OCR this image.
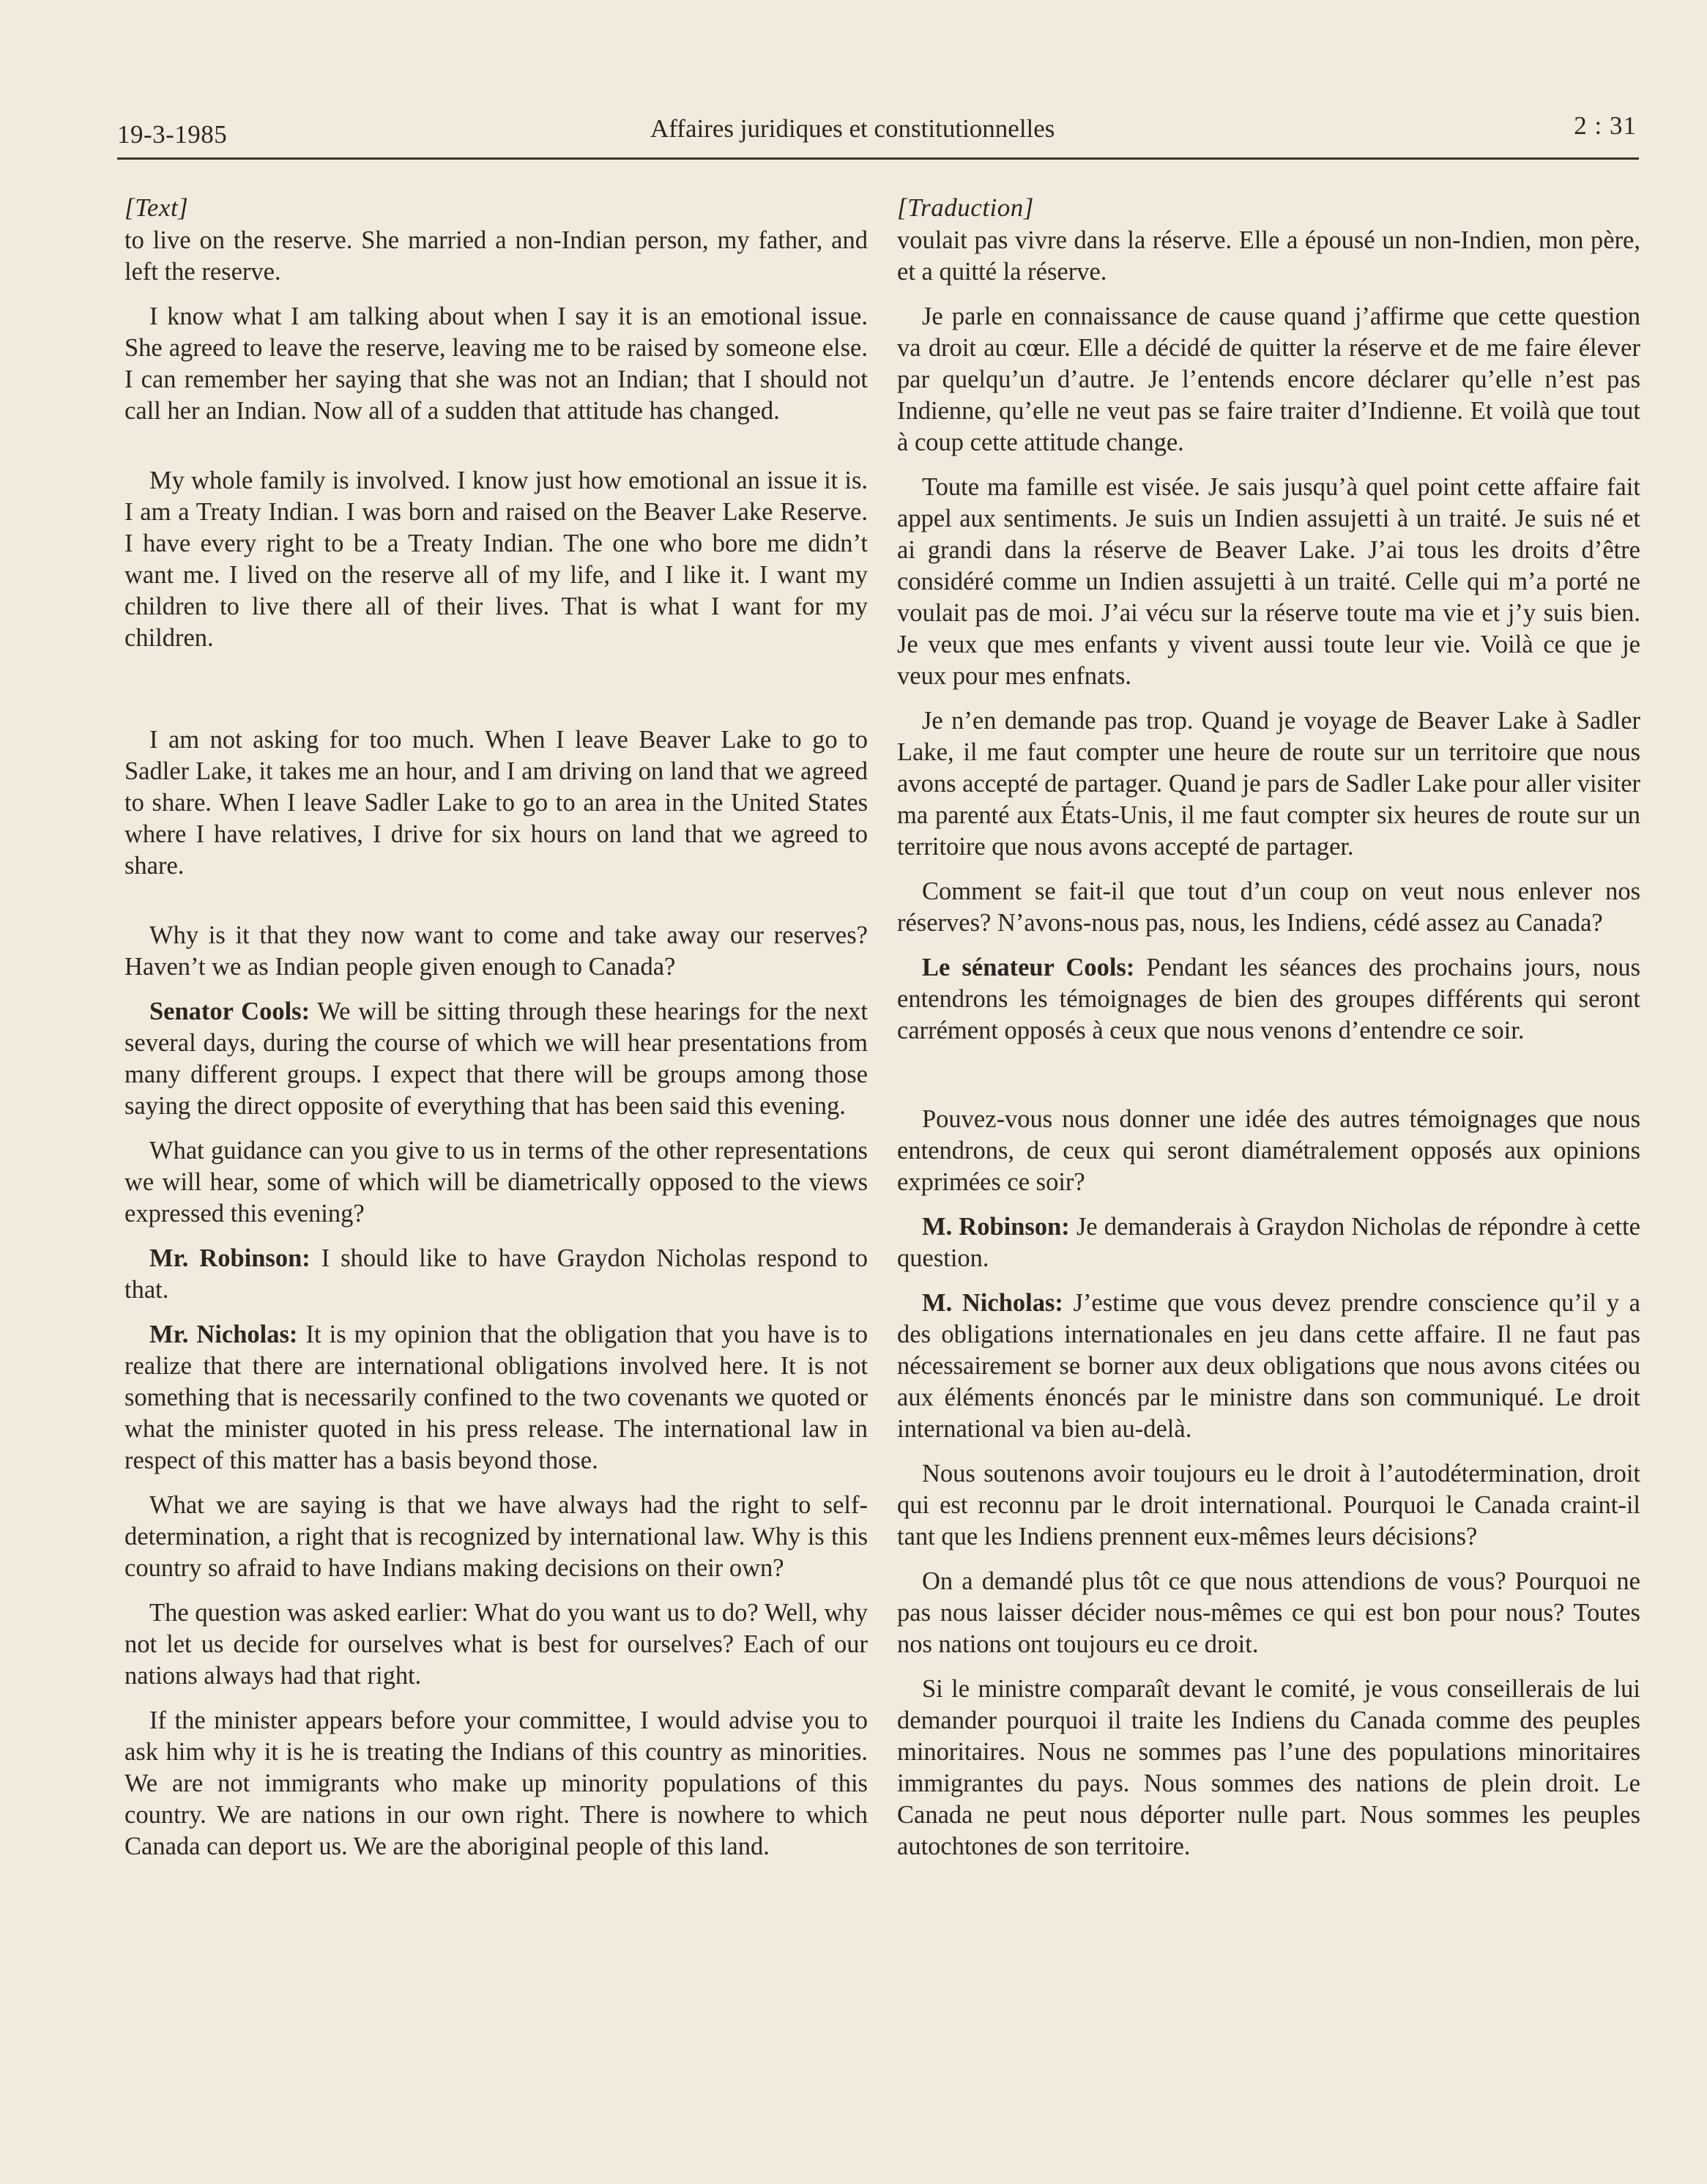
19-3-1985	Affaires juridiques et constitutionnelles	2 : 31
[Text]

to live on the reserve. She married a non-Indian person, my father, and left the reserve.

I know what I am talking about when I say it is an emotional issue. She agreed to leave the reserve, leaving me to be raised by someone else. I can remember her saying that she was not an Indian; that I should not call her an Indian. Now all of a sudden that attitude has changed.

My whole family is involved. I know just how emotional an issue it is. I am a Treaty Indian. I was born and raised on the Beaver Lake Reserve. I have every right to be a Treaty Indian. The one who bore me didn’t want me. I lived on the reserve all of my life, and I like it. I want my children to live there all of their lives. That is what I want for my children.

I am not asking for too much. When I leave Beaver Lake to go to Sadler Lake, it takes me an hour, and I am driving on land that we agreed to share. When I leave Sadler Lake to go to an area in the United States where I have relatives, I drive for six hours on land that we agreed to share.

Why is it that they now want to come and take away our reserves? Haven’t we as Indian people given enough to Canada?

Senator Cools: We will be sitting through these hearings for the next several days, during the course of which we will hear presentations from many different groups. I expect that there will be groups among those saying the direct opposite of everything that has been said this evening.

What guidance can you give to us in terms of the other representations we will hear, some of which will be diametrically opposed to the views expressed this evening?

Mr. Robinson: I should like to have Graydon Nicholas respond to that.

Mr. Nicholas: It is my opinion that the obligation that you have is to realize that there are international obligations involved here. It is not something that is necessarily confined to the two covenants we quoted or what the minister quoted in his press release. The international law in respect of this matter has a basis beyond those.

What we are saying is that we have always had the right to self-determination, a right that is recognized by international law. Why is this country so afraid to have Indians making decisions on their own?

The question was asked earlier: What do you want us to do? Well, why not let us decide for ourselves what is best for ourselves? Each of our nations always had that right.

If the minister appears before your committee, I would advise you to ask him why it is he is treating the Indians of this country as minorities. We are not immigrants who make up minority populations of this country. We are nations in our own right. There is nowhere to which Canada can deport us. We are the aboriginal people of this land.

[Traduction]

voulait pas vivre dans la réserve. Elle a épousé un non-Indien, mon père, et a quitté la réserve.

Je parle en connaissance de cause quand j’affirme que cette question va droit au cœur. Elle a décidé de quitter la réserve et de me faire élever par quelqu’un d’autre. Je l’entends encore déclarer qu’elle n’est pas Indienne, qu’elle ne veut pas se faire traiter d’Indienne. Et voilà que tout à coup cette attitude change.

Toute ma famille est visée. Je sais jusqu’à quel point cette affaire fait appel aux sentiments. Je suis un Indien assujetti à un traité. Je suis né et ai grandi dans la réserve de Beaver Lake. J’ai tous les droits d’être considéré comme un Indien assujetti à un traité. Celle qui m’a porté ne voulait pas de moi. J’ai vécu sur la réserve toute ma vie et j’y suis bien. Je veux que mes enfants y vivent aussi toute leur vie. Voilà ce que je veux pour mes enfnats.

Je n’en demande pas trop. Quand je voyage de Beaver Lake à Sadler Lake, il me faut compter une heure de route sur un territoire que nous avons accepté de partager. Quand je pars de Sadler Lake pour aller visiter ma parenté aux États-Unis, il me faut compter six heures de route sur un territoire que nous avons accepté de partager.

Comment se fait-il que tout d’un coup on veut nous enlever nos réserves? N’avons-nous pas, nous, les Indiens, cédé assez au Canada?

Le sénateur Cools: Pendant les séances des prochains jours, nous entendrons les témoignages de bien des groupes différents qui seront carrément opposés à ceux que nous venons d’entendre ce soir.

Pouvez-vous nous donner une idée des autres témoignages que nous entendrons, de ceux qui seront diamétralement opposés aux opinions exprimées ce soir?

M. Robinson: Je demanderais à Graydon Nicholas de répondre à cette question.

M. Nicholas: J’estime que vous devez prendre conscience qu’il y a des obligations internationales en jeu dans cette affaire. Il ne faut pas nécessairement se borner aux deux obligations que nous avons citées ou aux éléments énoncés par le ministre dans son communiqué. Le droit international va bien au-delà.

Nous soutenons avoir toujours eu le droit à l’autodétermination, droit qui est reconnu par le droit international. Pourquoi le Canada craint-il tant que les Indiens prennent eux-mêmes leurs décisions?

On a demandé plus tôt ce que nous attendions de vous? Pourquoi ne pas nous laisser décider nous-mêmes ce qui est bon pour nous? Toutes nos nations ont toujours eu ce droit.

Si le ministre comparaît devant le comité, je vous conseillerais de lui demander pourquoi il traite les Indiens du Canada comme des peuples minoritaires. Nous ne sommes pas l’une des populations minoritaires immigrantes du pays. Nous sommes des nations de plein droit. Le Canada ne peut nous déporter nulle part. Nous sommes les peuples autochtones de son territoire.
